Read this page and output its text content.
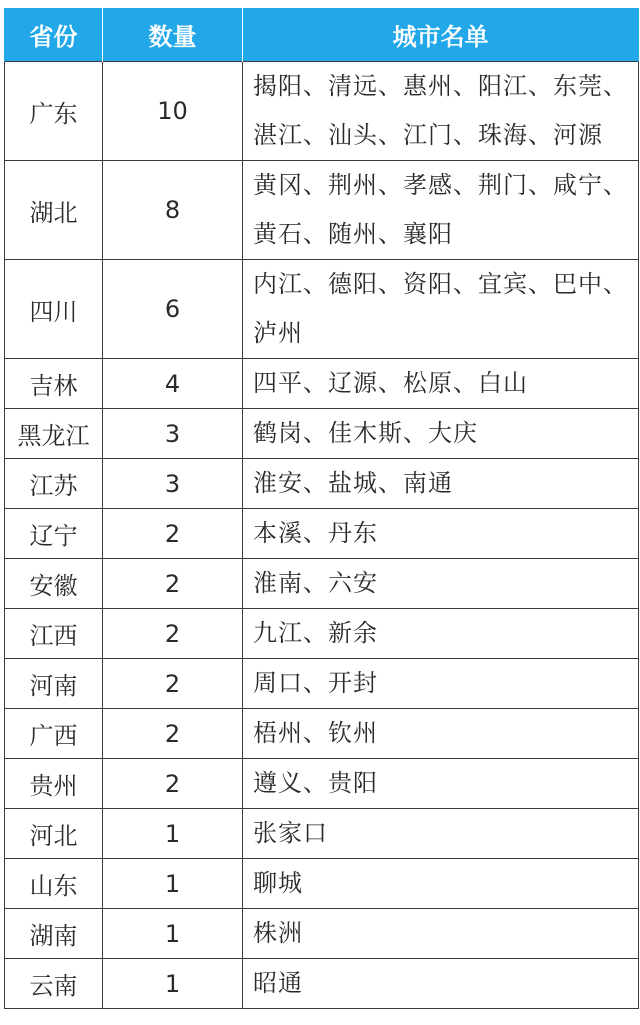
省份	数量	城市名单
广东	10	揭阳、清远、惠州、阳江、东莞、湛江、汕头、江门、珠海、河源
湖北	8	黄冈、荆州、孝感、荆门、咸宁、黄石、随州、襄阳
四川	6	内江、德阳、资阳、宜宾、巴中、泸州
吉林	4	四平、辽源、松原、白山
黑龙江	3	鹤岗、佳木斯、大庆
江苏	3	淮安、盐城、南通
辽宁	2	本溪、丹东
安徽	2	淮南、六安
江西	2	九江、新余
河南	2	周口、开封
广西	2	梧州、钦州
贵州	2	遵义、贵阳
河北	1	张家口
山东	1	聊城
湖南	1	株洲
云南	1	昭通
